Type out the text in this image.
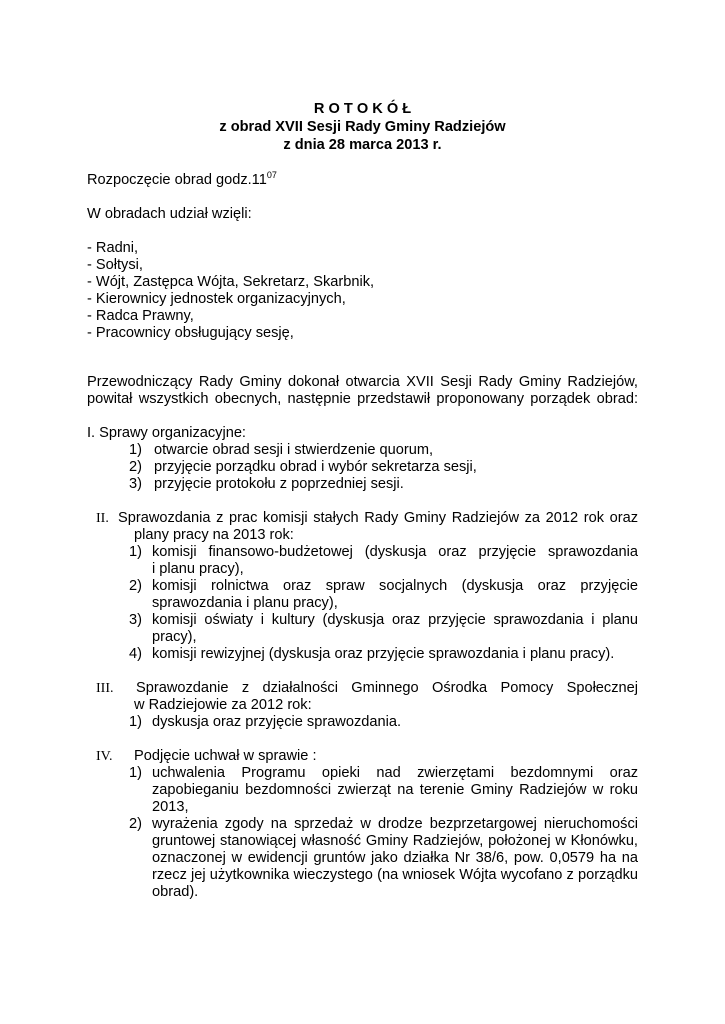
R O T O K Ó Ł
z obrad XVII Sesji Rady Gminy Radziejów
z dnia 28 marca 2013 r.
Rozpoczęcie obrad $godz.11^{07}$
W obradach udział wzięli:
- Radni,
- Sołtysi,
- Wójt, Zastępca Wójta, Sekretarz, Skarbnik,
- Kierownicy jednostek organizacyjnych,
- Radca Prawny,
- Pracownicy obsługujący sesję,
Przewodniczący Rady Gminy dokonał otwarcia XVII Sesji Rady Gminy Radziejów,
powitał wszystkich obecnych, następnie przedstawił proponowany porządek obrad:
I. Sprawy organizacyjne:
1) otwarcie obrad sesji i stwierdzenie quorum,
2) przyjęcie porządku obrad i wybór sekretarza sesji,
3) przyjęcie protokołu z poprzedniej sesji.
II. Sprawozdania z prac komisji stałych Rady Gminy Radziejów za 2012 rok oraz
plany pracy na 2013 rok:
1) komisji finansowo-budżetowej (dyskusja oraz przyjęcie sprawozdania
i planu pracy),
2) komisji rolnictwa oraz spraw socjalnych (dyskusja oraz przyjęcie
sprawozdania i planu pracy),
3) komisji oświaty i kultury (dyskusja oraz przyjęcie sprawozdania i planu
pracy),
4) komisji rewizyjnej (dyskusja oraz przyjęcie sprawozdania i planu pracy).
III. Sprawozdanie z działalności Gminnego Ośrodka Pomocy Społecznej
w Radziejowie za 2012 rok:
1) dyskusja oraz przyjęcie sprawozdania.
IV. Podjęcie uchwał w sprawie :
1) uchwalenia Programu opieki nad zwierzętami bezdomnymi oraz
zapobieganiu bezdomności zwierząt na terenie Gminy Radziejów w roku
2013,
2) wyrażenia zgody na sprzedaż w drodze bezprzetargowej nieruchomości
gruntowej stanowiącej własność Gminy Radziejów, położonej w Kłonówku,
oznaczonej w ewidencji gruntów jako działka Nr 38/6, pow. 0,0579 ha na
rzecz jej użytkownika wieczystego (na wniosek Wójta wycofano z porządku
obrad).
